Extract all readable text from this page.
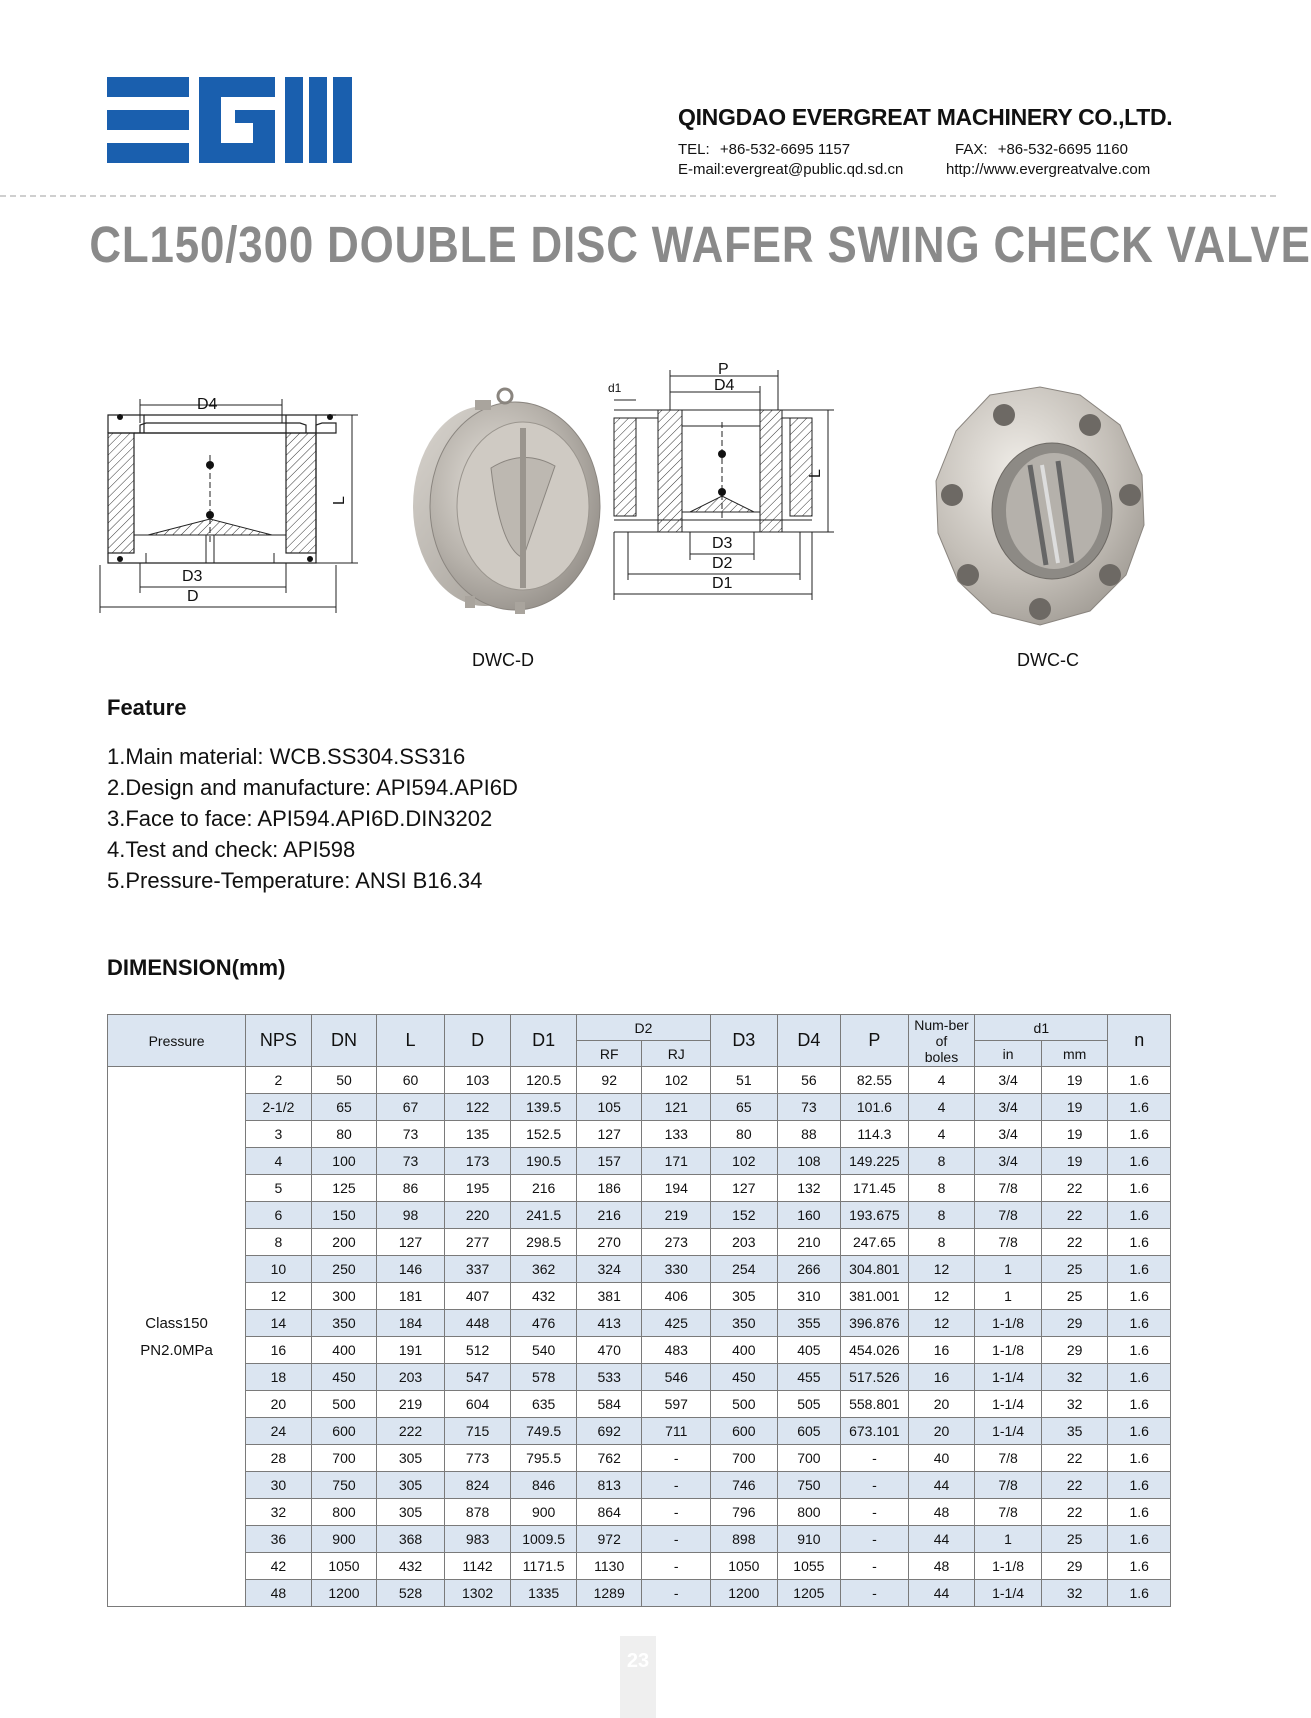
QINGDAO EVERGREAT MACHINERY CO.,LTD.
TEL: +86-532-6695 1157	FAX: +86-532-6695 1160
E-mail:evergreat@public.qd.sd.cn	http://www.evergreatvalve.com
CL150/300 DOUBLE DISC WAFER SWING CHECK VALVE
D4
D3
D
L
P
D4
d1
D3
D2
D1
L
DWC-D	DWC-C
Feature
1.Main material: WCB.SS304.SS316
2.Design and manufacture: API594.API6D
3.Face to face: API594.API6D.DIN3202
4.Test and check: API598
5.Pressure-Temperature: ANSI B16.34
DIMENSION(mm)
Pressure	NPS	DN	L	D	D1	D2		D3	D4	P	Num-ber
of
boles	d1		n
						RF	RJ					in	mm	

Class150
PN2.0MPa	2	50	60	103	120.5	92	102	51	56	82.55	4	3/4	19	1.6
	2-1/2	65	67	122	139.5	105	121	65	73	101.6	4	3/4	19	1.6
	3	80	73	135	152.5	127	133	80	88	114.3	4	3/4	19	1.6
	4	100	73	173	190.5	157	171	102	108	149.225	8	3/4	19	1.6
	5	125	86	195	216	186	194	127	132	171.45	8	7/8	22	1.6
	6	150	98	220	241.5	216	219	152	160	193.675	8	7/8	22	1.6
	8	200	127	277	298.5	270	273	203	210	247.65	8	7/8	22	1.6
	10	250	146	337	362	324	330	254	266	304.801	12	1	25	1.6
	12	300	181	407	432	381	406	305	310	381.001	12	1	25	1.6
	14	350	184	448	476	413	425	350	355	396.876	12	1-1/8	29	1.6
	16	400	191	512	540	470	483	400	405	454.026	16	1-1/8	29	1.6
	18	450	203	547	578	533	546	450	455	517.526	16	1-1/4	32	1.6
	20	500	219	604	635	584	597	500	505	558.801	20	1-1/4	32	1.6
	24	600	222	715	749.5	692	711	600	605	673.101	20	1-1/4	35	1.6
	28	700	305	773	795.5	762	-	700	700	-	40	7/8	22	1.6
	30	750	305	824	846	813	-	746	750	-	44	7/8	22	1.6
	32	800	305	878	900	864	-	796	800	-	48	7/8	22	1.6
	36	900	368	983	1009.5	972	-	898	910	-	44	1	25	1.6
	42	1050	432	1142	1171.5	1130	-	1050	1055	-	48	1-1/8	29	1.6
	48	1200	528	1302	1335	1289	-	1200	1205	-	44	1-1/4	32	1.6
23
